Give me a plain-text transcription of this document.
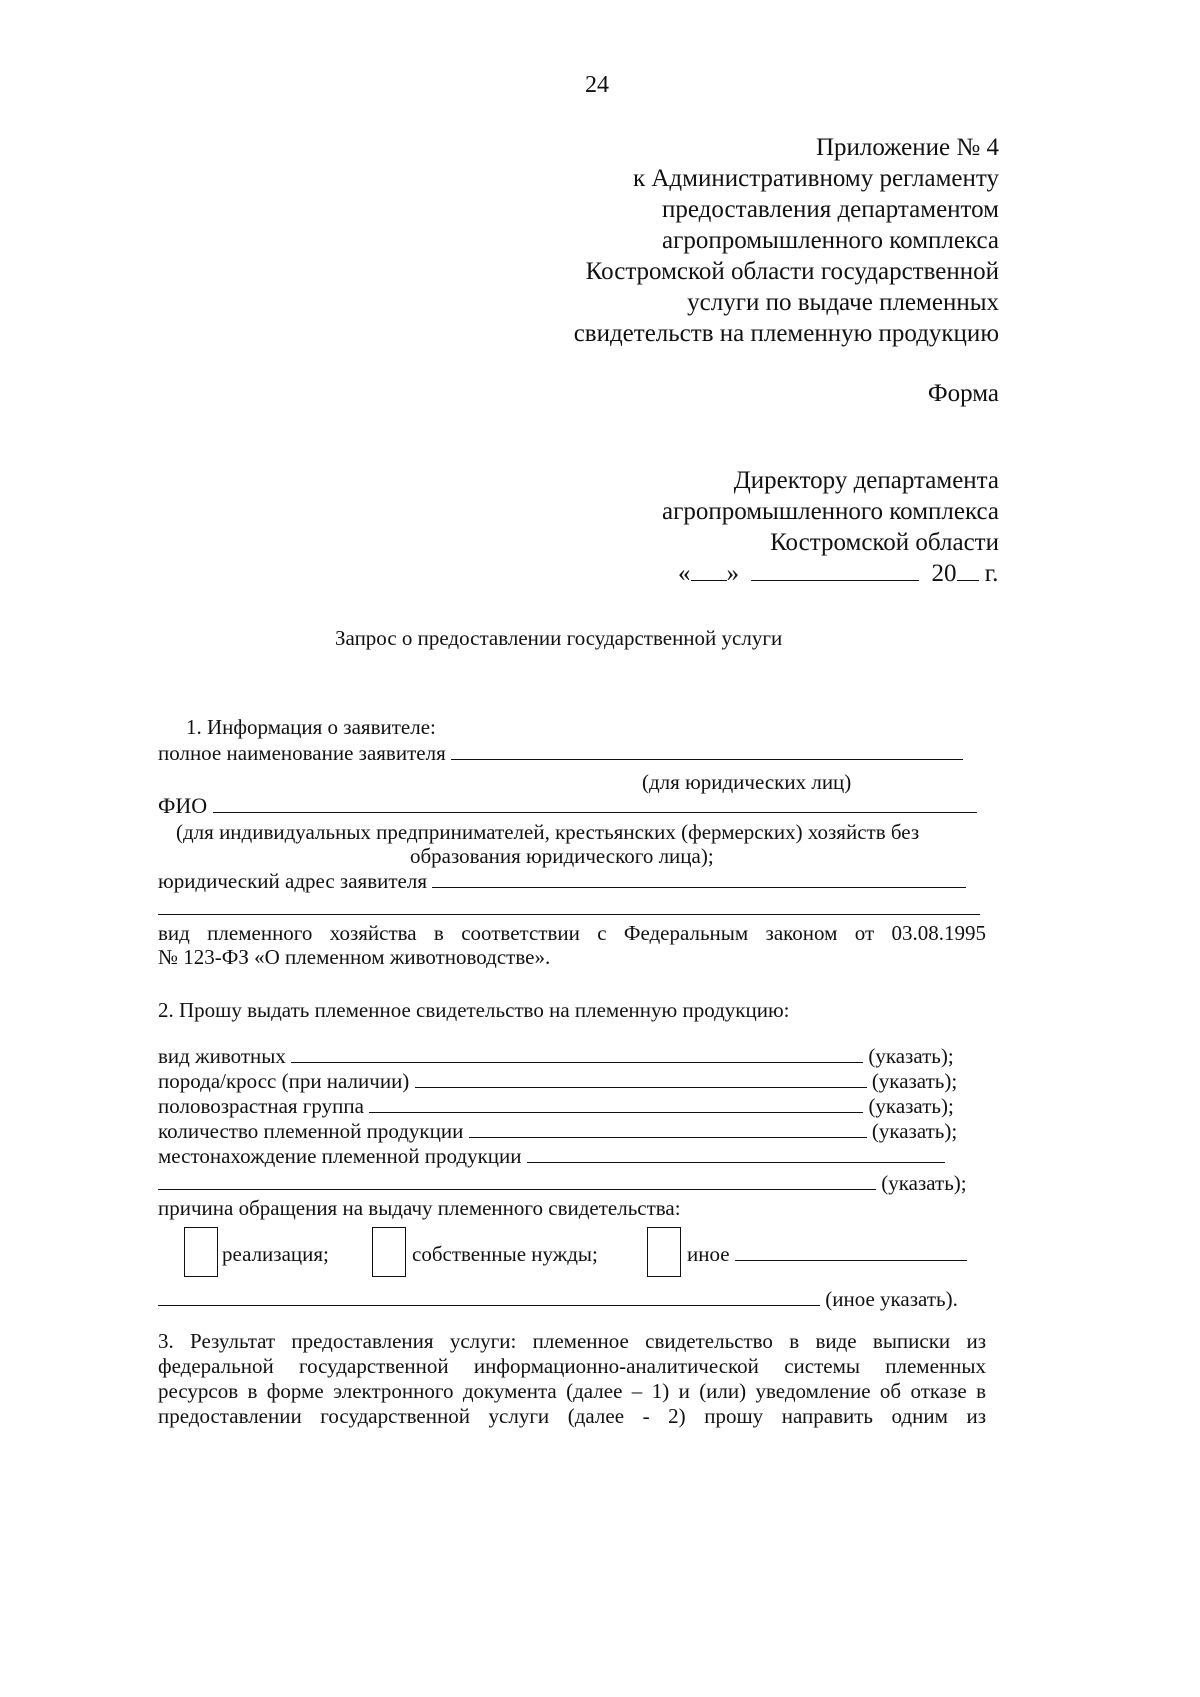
24
Приложение № 4
к Административному регламенту
предоставления департаментом
агропромышленного комплекса
Костромской области государственной
услуги по выдаче племенных
свидетельств на племенную продукцию
Форма
Директору департамента
агропромышленного комплекса
Костромской области
« »	20 г.
Запрос о предоставлении государственной услуги
1. Информация о заявителе:
полное наименование заявителя
(для юридических лиц)
ФИО
(для индивидуальных предпринимателей, крестьянских (фермерских) хозяйств без
образования юридического лица);
юридический адрес заявителя
вид племенного хозяйства в соответствии с Федеральным законом от 03.08.1995
№ 123-ФЗ «О племенном животноводстве».
2. Прошу выдать племенное свидетельство на племенную продукцию:
вид животных	(указать);
порода/кросс (при наличии)	(указать);
половозрастная группа	(указать);
количество племенной продукции	(указать);
местонахождение племенной продукции
(указать);
причина обращения на выдачу племенного свидетельства:
реализация;	собственные нужды;	иное
(иное указать).
3. Результат предоставления услуги: племенное свидетельство в виде выписки из
федеральной государственной информационно-аналитической системы племенных
ресурсов в форме электронного документа (далее – 1) и (или) уведомление об отказе в
предоставлении государственной услуги (далее - 2) прошу направить одним из
